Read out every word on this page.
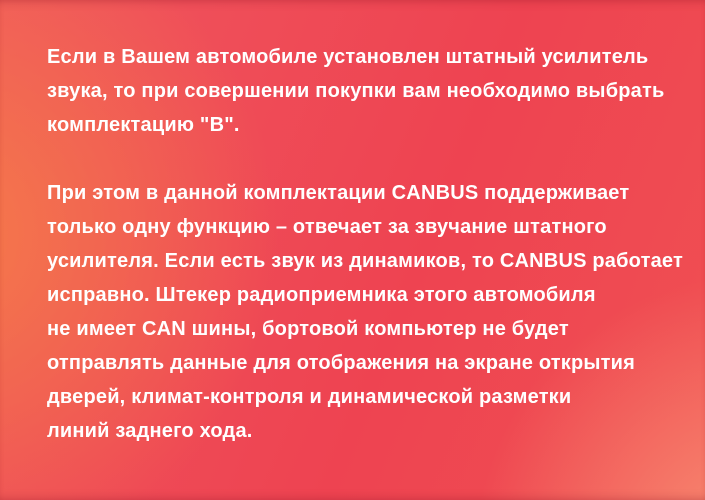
Если в Вашем автомобиле установлен штатный усилитель
звука, то при совершении покупки вам необходимо выбрать
комплектацию "В".
При этом в данной комплектации CANBUS поддерживает
только одну функцию – отвечает за звучание штатного
усилителя. Если есть звук из динамиков, то CANBUS работает
исправно. Штекер радиоприемника этого автомобиля
не имеет CAN шины, бортовой компьютер не будет
отправлять данные для отображения на экране открытия
дверей, климат-контроля и динамической разметки
линий заднего хода.
